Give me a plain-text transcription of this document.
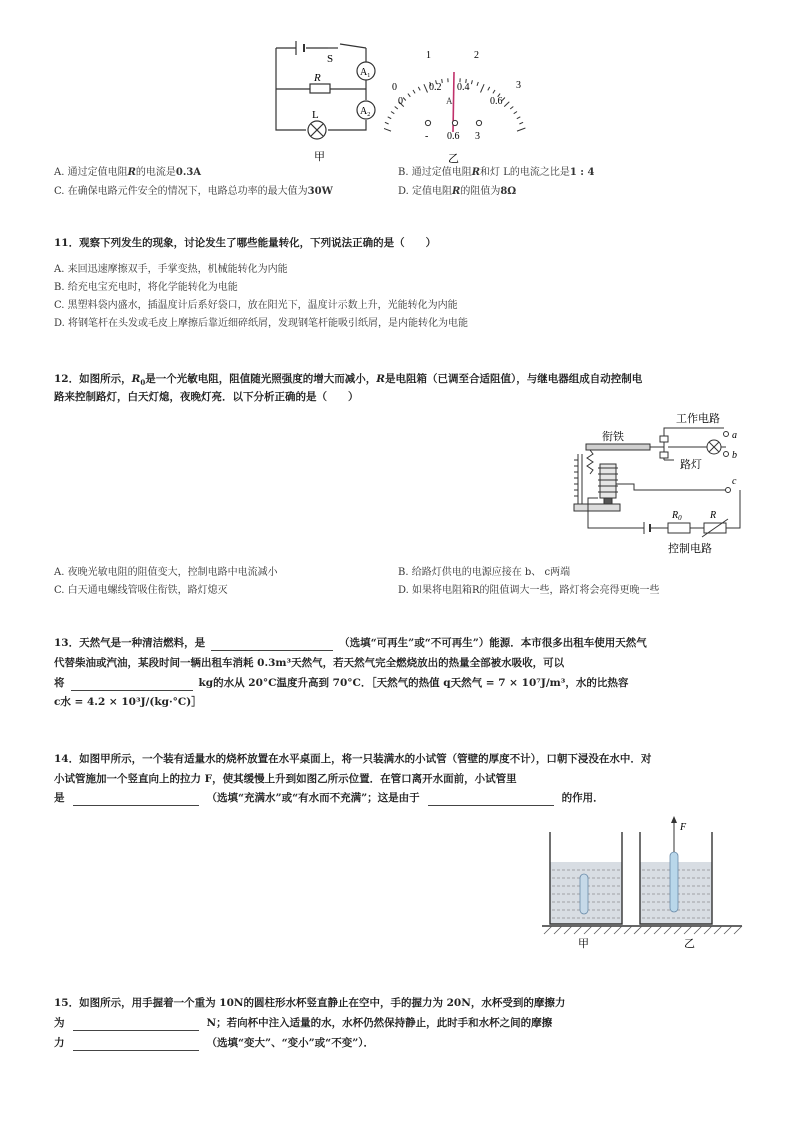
S
$A_1$
$A_2$
R
L
甲
0
1	2
3
0
0.2 0.4
0.6
A
- 0.6 3
乙
A. 通过定值电阻R的电流是0.3A	B. 通过定值电阻R和灯 L的电流之比是1 : 4
C. 在确保电路元件安全的情况下，电路总功率的最大值为30W	D. 定值电阻R的阻值为8Ω
11．观察下列发生的现象，讨论发生了哪些能量转化，下列说法正确的是（　　）
A. 来回迅速摩擦双手，手掌变热，机械能转化为内能
B. 给充电宝充电时，将化学能转化为电能
C. 黑塑料袋内盛水，插温度计后系好袋口，放在阳光下，温度计示数上升，光能转化为内能
D. 将钢笔杆在头发或毛皮上摩擦后靠近细碎纸屑，发现钢笔杆能吸引纸屑，是内能转化为电能
12．如图所示，$R_0$是一个光敏电阻，阻值随光照强度的增大而减小，R是电阻箱（已调至合适阻值），与继电器组成自动控制电
路来控制路灯，白天灯熄，夜晚灯亮．以下分析正确的是（　　）
工作电路
衔铁
路灯
a
b
c
$R_0$	R
控制电路
A. 夜晚光敏电阻的阻值变大，控制电路中电流减小	B. 给路灯供电的电源应接在 b、 c两端
C. 白天通电螺线管吸住衔铁，路灯熄灭	D. 如果将电阻箱R的阻值调大一些，路灯将会亮得更晚一些
13．天然气是一种清洁燃料，是	（选填“可再生”或“不可再生”）能源．本市很多出租车使用天然气
代替柴油或汽油，某段时间一辆出租车消耗 0.3m³天然气，若天然气完全燃烧放出的热量全部被水吸收，可以
将	kg的水从 20°C温度升高到 70°C．［天然气的热值 q天然气 = 7 × 10⁷J/m³，水的比热容
c水 = 4.2 × 10³J/(kg·°C)］
14．如图甲所示，一个装有适量水的烧杯放置在水平桌面上，将一只装满水的小试管（管壁的厚度不计），口朝下浸没在水中．对
小试管施加一个竖直向上的拉力 F，使其缓慢上升到如图乙所示位置．在管口离开水面前，小试管里
是	（选填“充满水”或“有水而不充满”；这是由于	的作用．
F
甲	乙
15．如图所示，用手握着一个重为 10N的圆柱形水杯竖直静止在空中，手的握力为 20N，水杯受到的摩擦力
为	N；若向杯中注入适量的水，水杯仍然保持静止，此时手和水杯之间的摩擦
力	（选填“变大”、“变小”或“不变”）．
